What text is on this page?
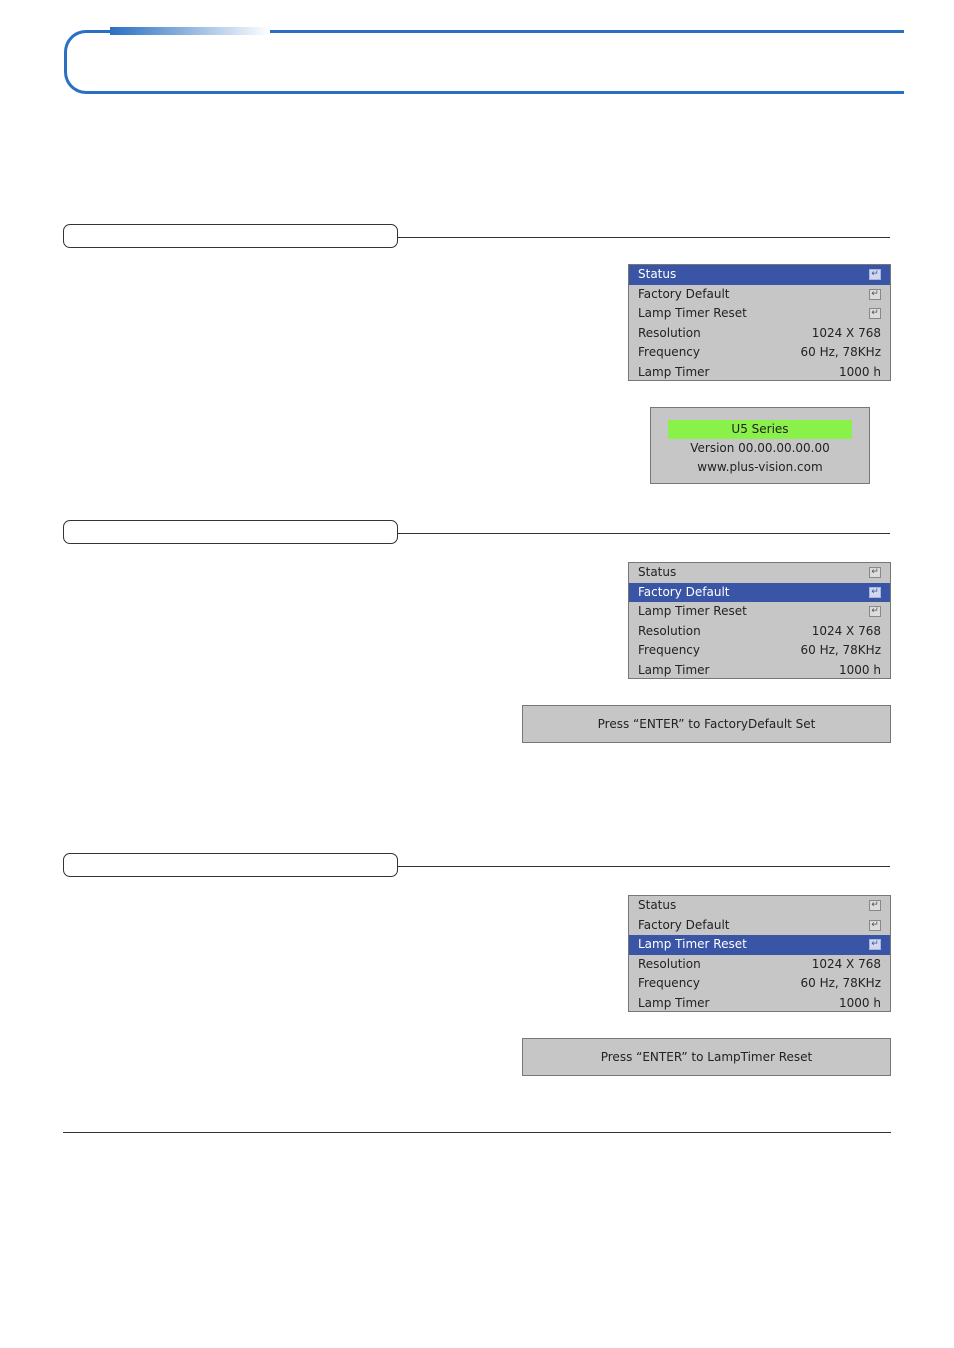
Status	↵
Factory Default	↵
Lamp Timer Reset	↵
Resolution	1024 X 768
Frequency	60 Hz, 78KHz
Lamp Timer	1000 h
U5 Series
Version 00.00.00.00.00
www.plus-vision.com
Status	↵
Factory Default	↵
Lamp Timer Reset	↵
Resolution	1024 X 768
Frequency	60 Hz, 78KHz
Lamp Timer	1000 h
Press “ENTER” to FactoryDefault Set
Status	↵
Factory Default	↵
Lamp Timer Reset	↵
Resolution	1024 X 768
Frequency	60 Hz, 78KHz
Lamp Timer	1000 h
Press “ENTER” to LampTimer Reset
